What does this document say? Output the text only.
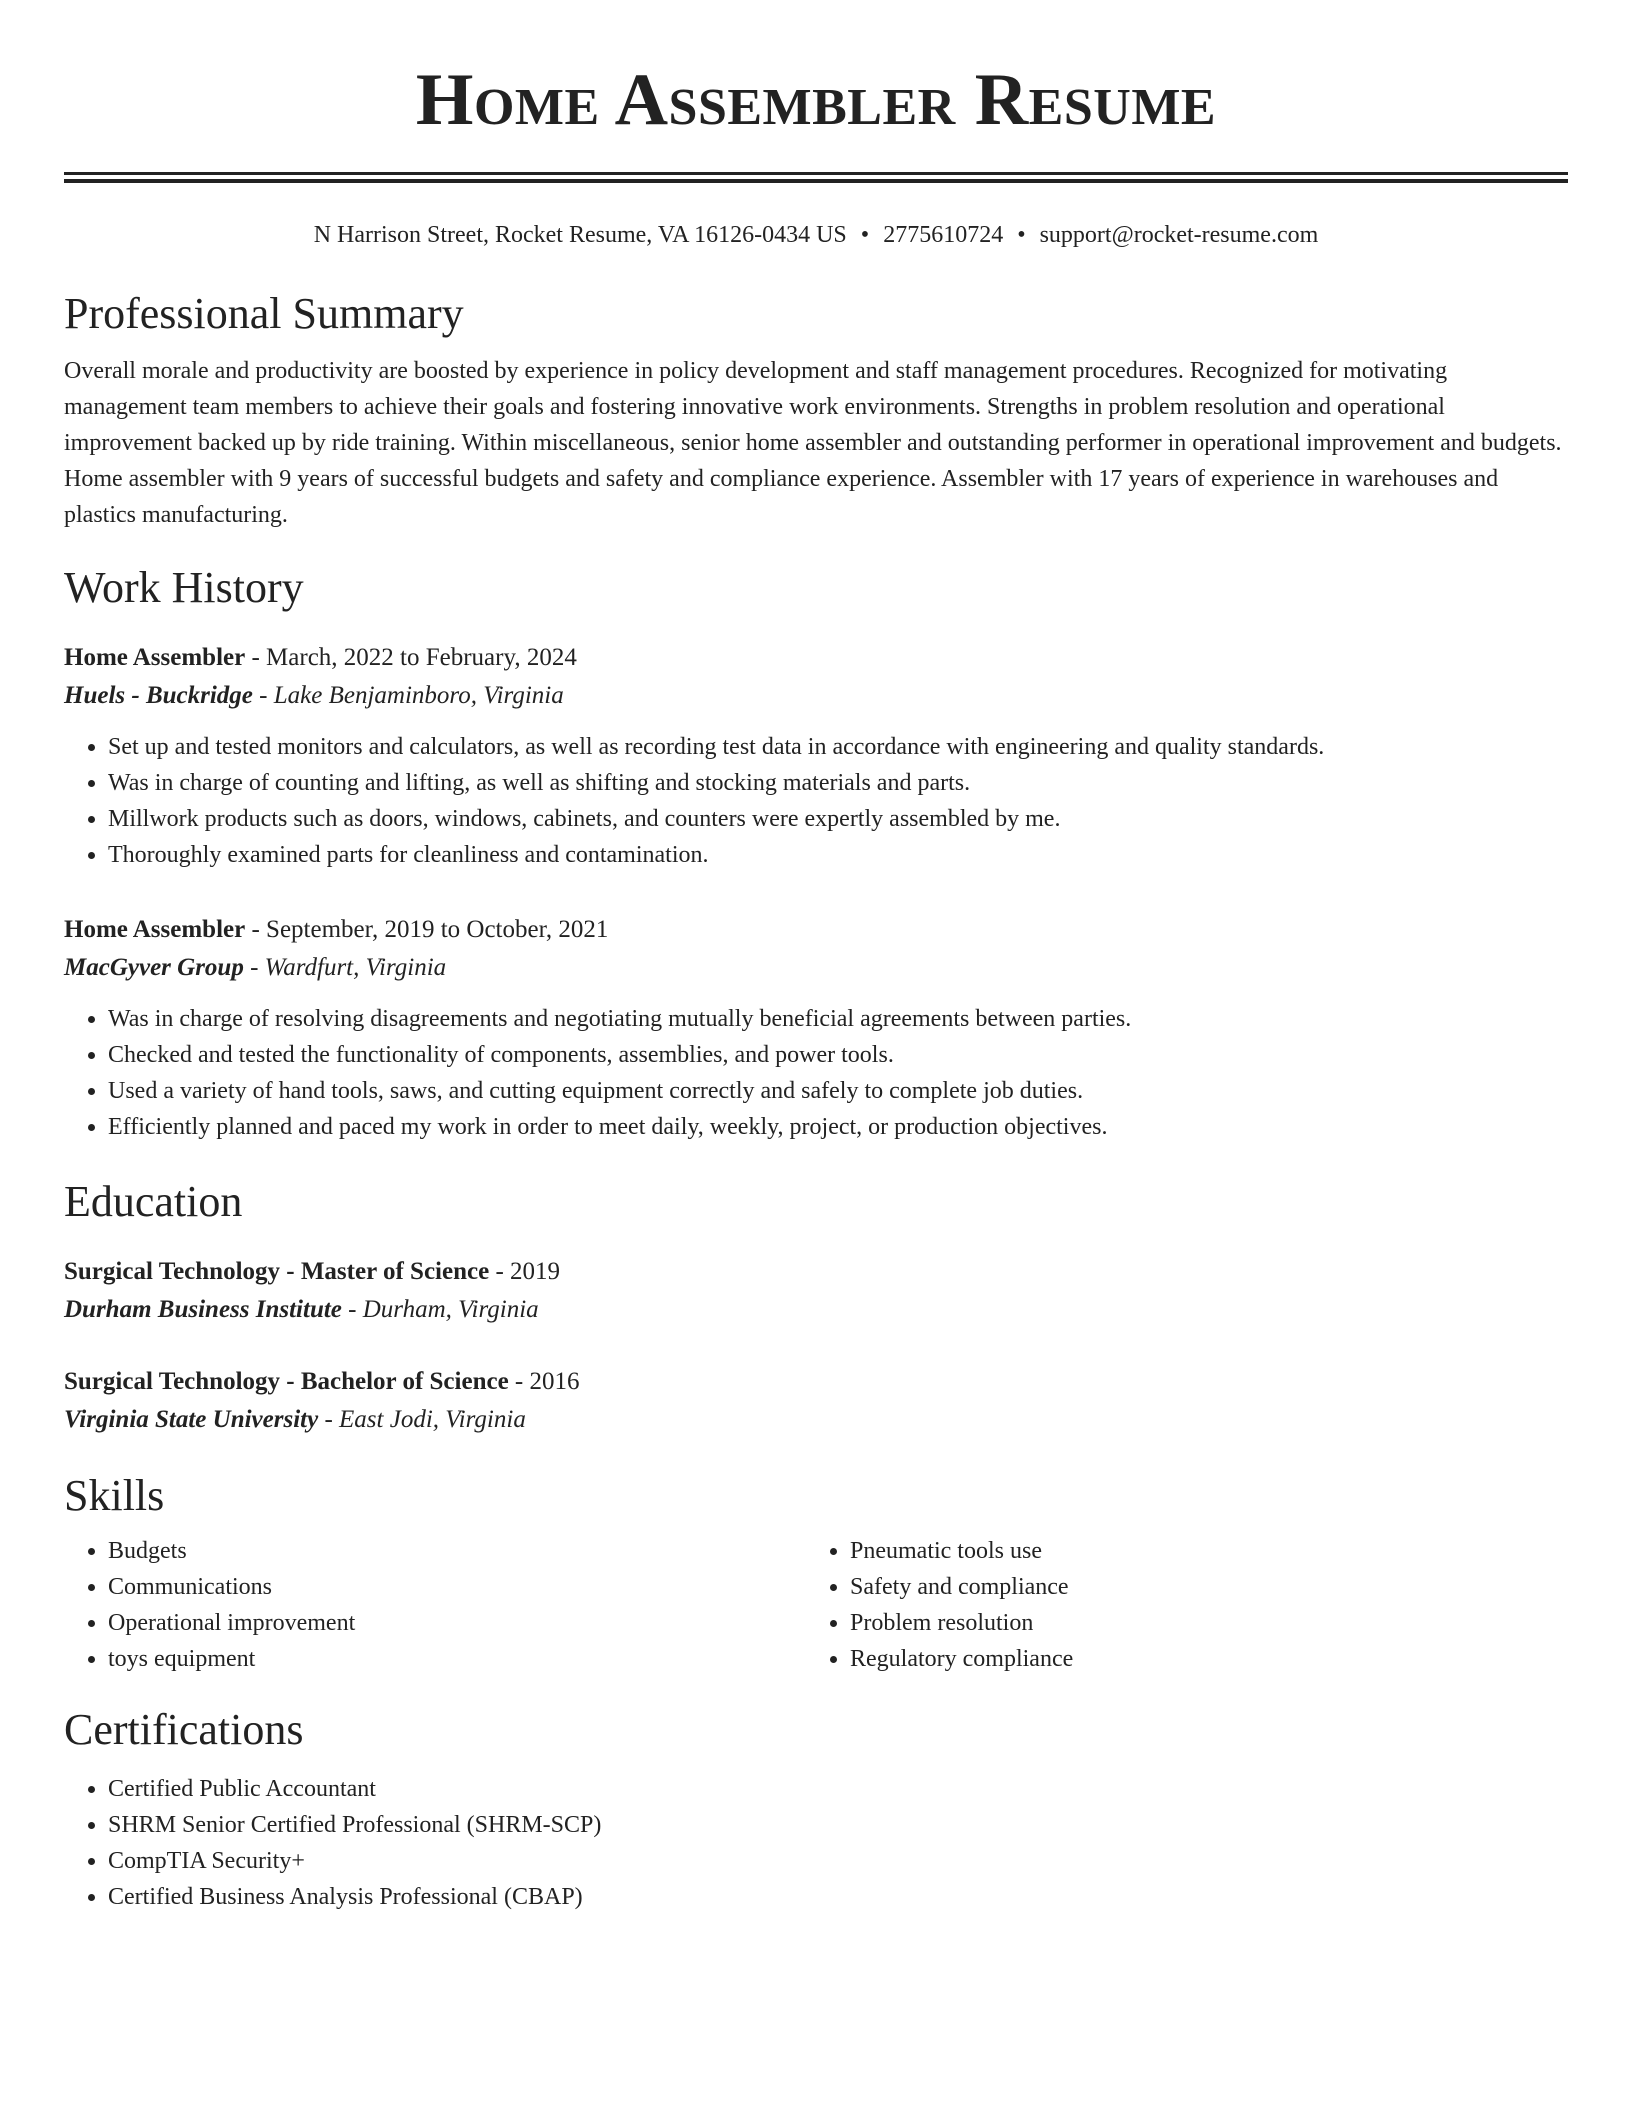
Home Assembler Resume
N Harrison Street, Rocket Resume, VA 16126-0434 US • 2775610724 • support@rocket-resume.com
Professional Summary
Overall morale and productivity are boosted by experience in policy development and staff management procedures. Recognized for motivating management team members to achieve their goals and fostering innovative work environments. Strengths in problem resolution and operational improvement backed up by ride training. Within miscellaneous, senior home assembler and outstanding performer in operational improvement and budgets. Home assembler with 9 years of successful budgets and safety and compliance experience. Assembler with 17 years of experience in warehouses and plastics manufacturing.
Work History
Home Assembler - March, 2022 to February, 2024
Huels - Buckridge - Lake Benjaminboro, Virginia
• Set up and tested monitors and calculators, as well as recording test data in accordance with engineering and quality standards.
• Was in charge of counting and lifting, as well as shifting and stocking materials and parts.
• Millwork products such as doors, windows, cabinets, and counters were expertly assembled by me.
• Thoroughly examined parts for cleanliness and contamination.
Home Assembler - September, 2019 to October, 2021
MacGyver Group - Wardfurt, Virginia
• Was in charge of resolving disagreements and negotiating mutually beneficial agreements between parties.
• Checked and tested the functionality of components, assemblies, and power tools.
• Used a variety of hand tools, saws, and cutting equipment correctly and safely to complete job duties.
• Efficiently planned and paced my work in order to meet daily, weekly, project, or production objectives.
Education
Surgical Technology - Master of Science - 2019
Durham Business Institute - Durham, Virginia
Surgical Technology - Bachelor of Science - 2016
Virginia State University - East Jodi, Virginia
Skills
• Budgets
• Communications
• Operational improvement
• toys equipment
• Pneumatic tools use
• Safety and compliance
• Problem resolution
• Regulatory compliance
Certifications
• Certified Public Accountant
• SHRM Senior Certified Professional (SHRM-SCP)
• CompTIA Security+
• Certified Business Analysis Professional (CBAP)
